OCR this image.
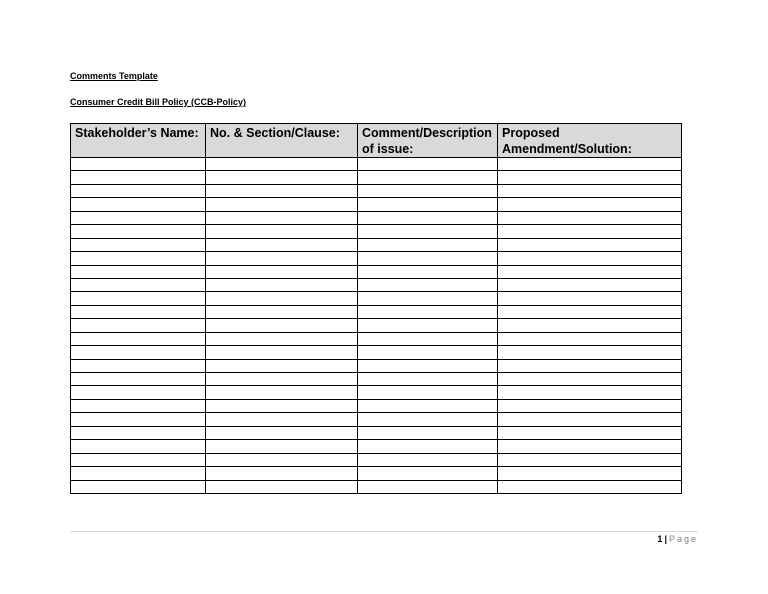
Comments Template
Consumer Credit Bill Policy (CCB-Policy)
Stakeholder’s Name:	No. & Section/Clause:	Comment/Description of issue:	Proposed Amendment/Solution:

1 | Page
